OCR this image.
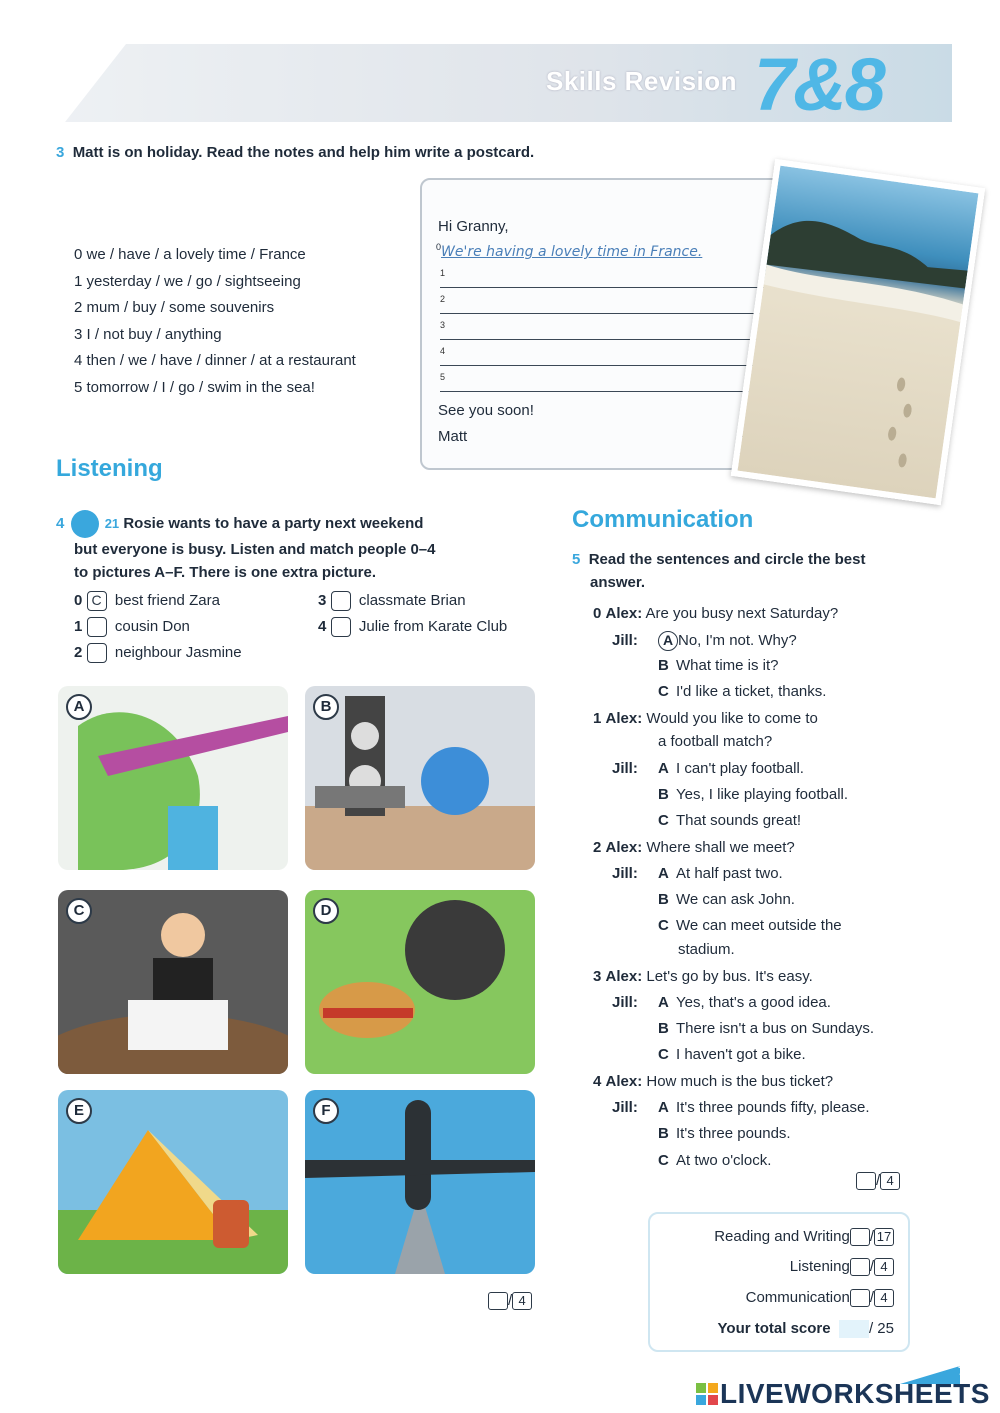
Skills Revision 7&8
3 Matt is on holiday. Read the notes and help him write a postcard.
0 we / have / a lovely time / France
1 yesterday / we / go / sightseeing
2 mum / buy / some souvenirs
3 I / not buy / anything
4 then / we / have / dinner / at a restaurant
5 tomorrow / I / go / swim in the sea!
Hi Granny,
$^0$We're having a lovely time in France.
1
2
3
4
5
See you soon!
Matt
Listening
4	21 Rosie wants to have a party next weekend
but everyone is busy. Listen and match people 0–4
to pictures A–F. There is one extra picture.
0 C best friend Zara
1 cousin Don
2 neighbour Jasmine
3 classmate Brian
4 Julie from Karate Club
A	B
C	D
E	F
/ 4
Communication
5 Read the sentences and circle the best
answer.
0 Alex: Are you busy next Saturday?
Jill: A No, I'm not. Why?
B What time is it?
C I'd like a ticket, thanks.
1 Alex: Would you like to come to
a football match?
Jill: A I can't play football.
B Yes, I like playing football.
C That sounds great!
2 Alex: Where shall we meet?
Jill: A At half past two.
B We can ask John.
C We can meet outside the
stadium.
3 Alex: Let's go by bus. It's easy.
Jill: A Yes, that's a good idea.
B There isn't a bus on Sundays.
C I haven't got a bike.
4 Alex: How much is the bus ticket?
Jill: A It's three pounds fifty, please.
B It's three pounds.
C At two o'clock.
/ 4
Reading and Writing / 17
Listening / 4
Communication / 4
Your total score	/ 25
79
LIVEWORKSHEETS
